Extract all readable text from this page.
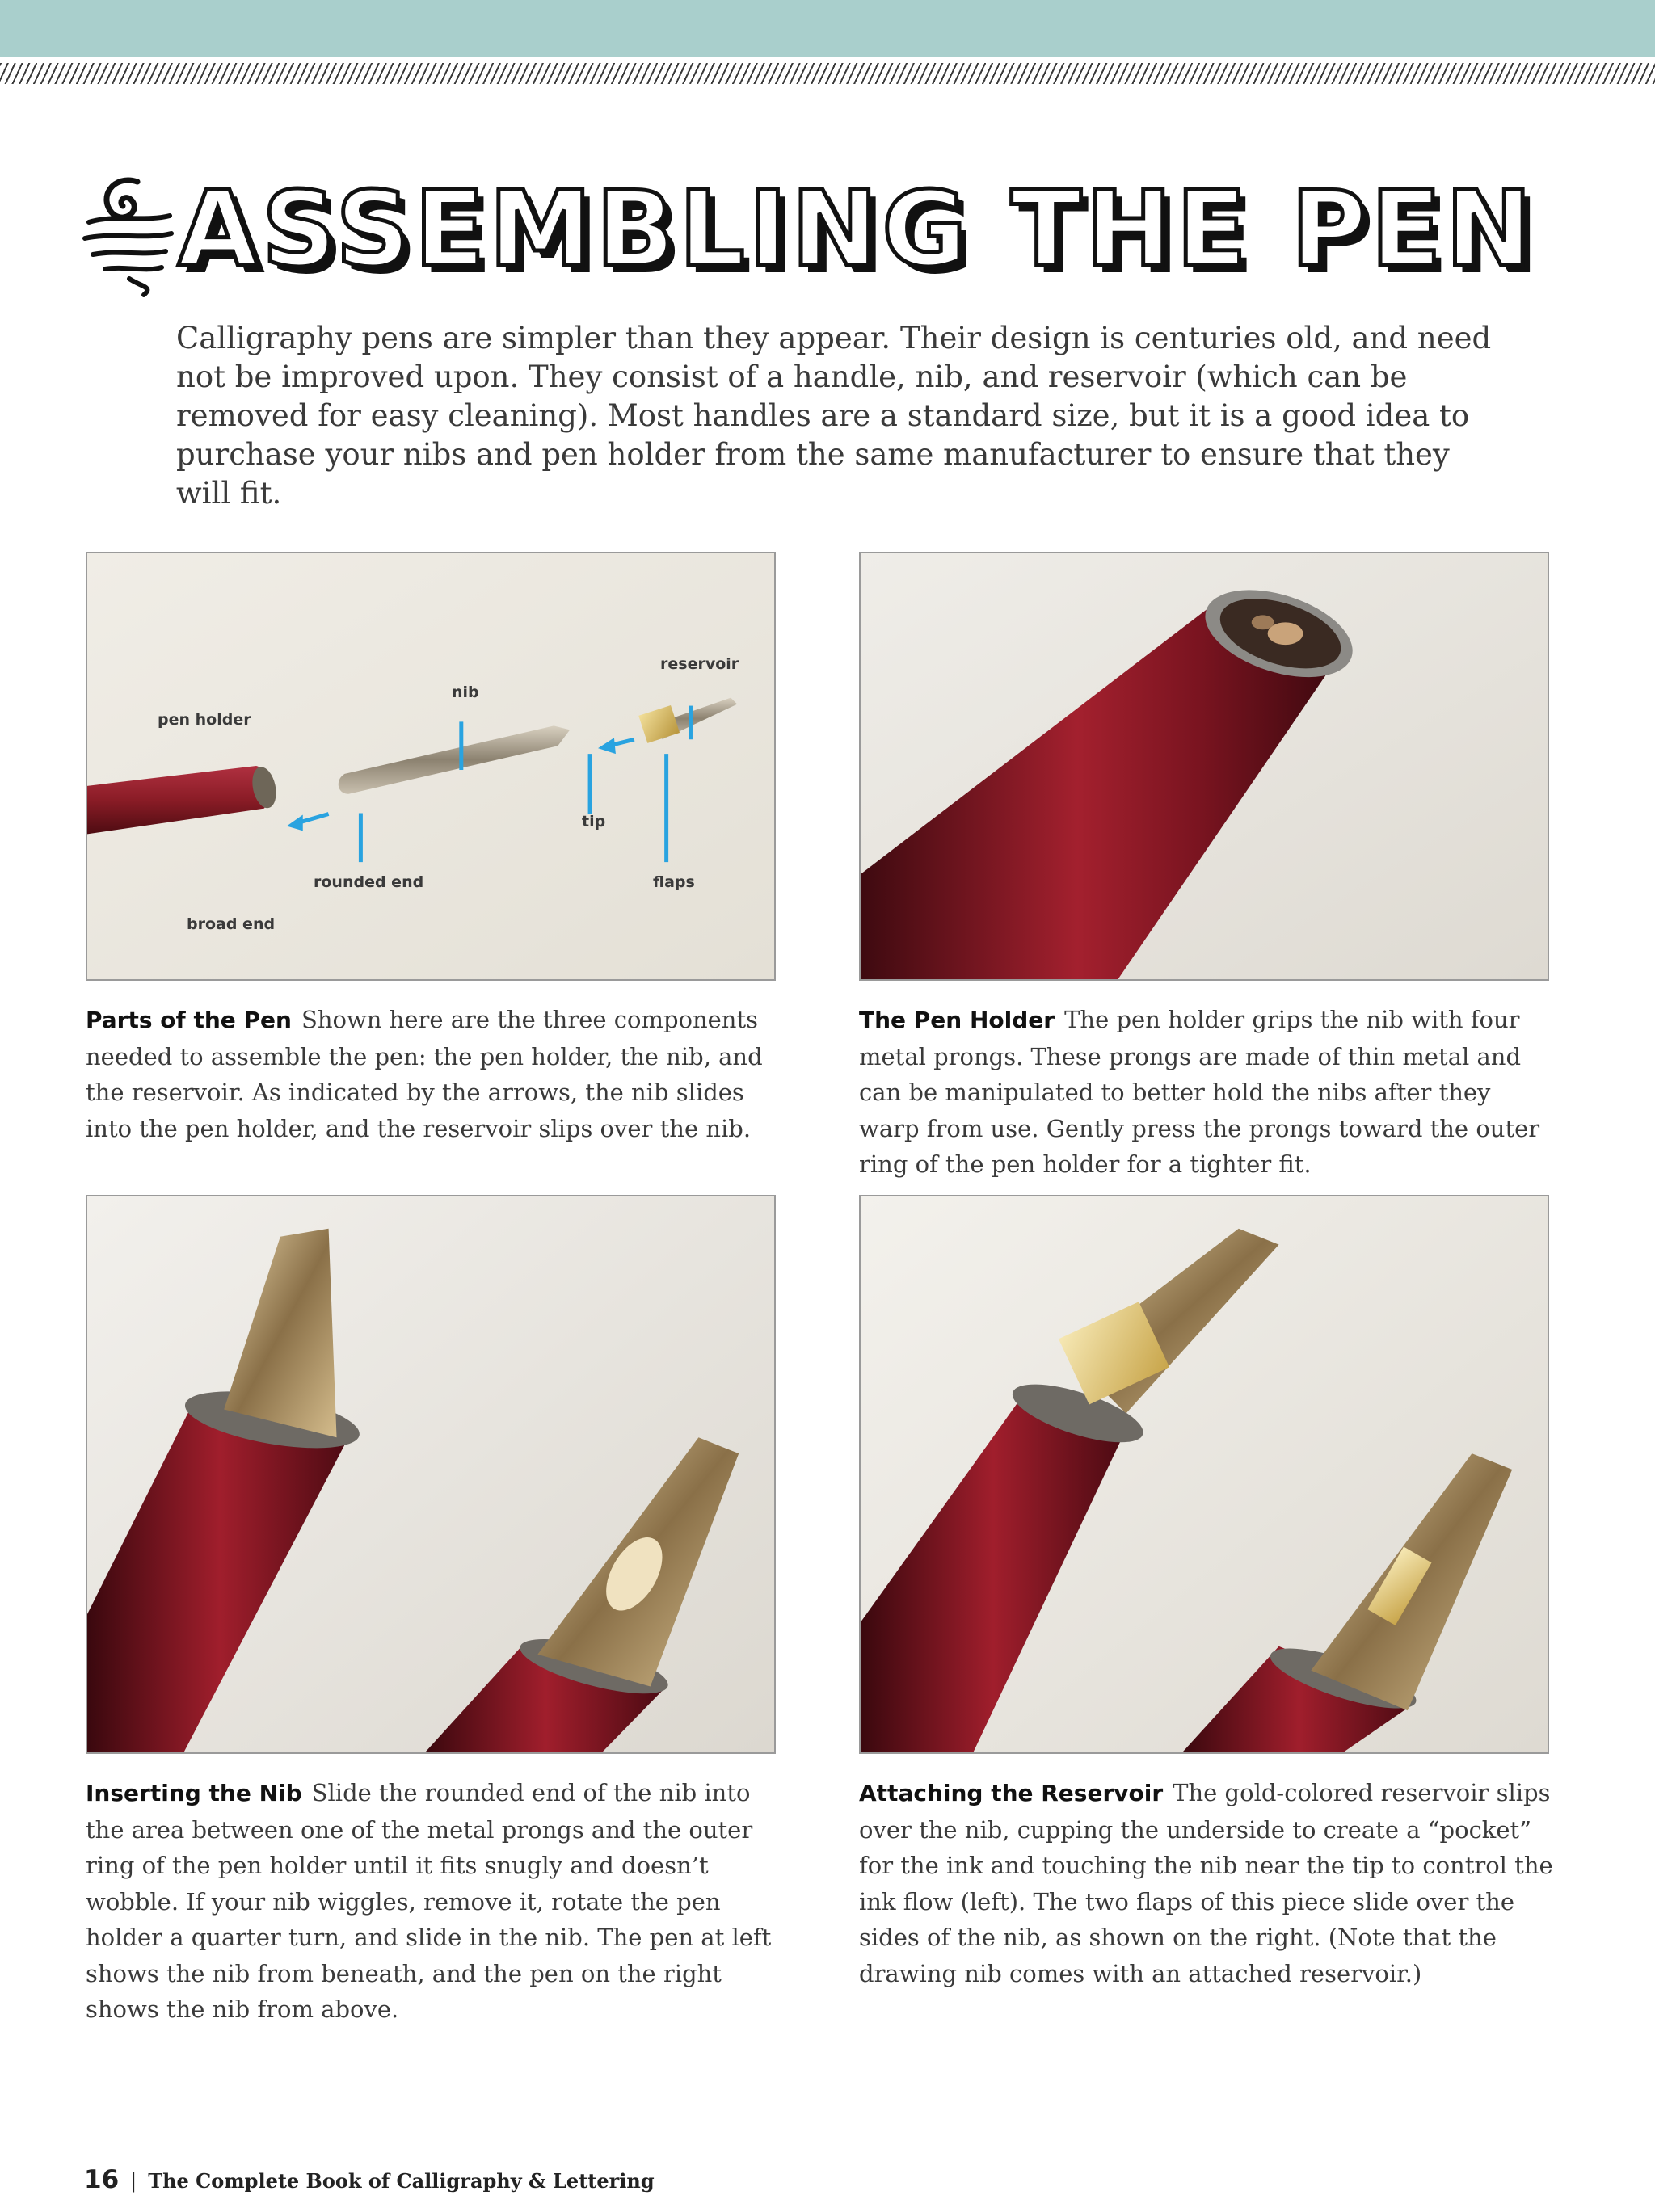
ASSEMBLING THE PEN

Calligraphy pens are simpler than they appear. Their design is centuries old, and need not be improved upon. They consist of a handle, nib, and reservoir (which can be removed for easy cleaning). Most handles are a standard size, but it is a good idea to purchase your nibs and pen holder from the same manufacturer to ensure that they will fit.

reservoir
nib
pen holder
tip
rounded end	flaps
broad end

Parts of the Pen Shown here are the three components needed to assemble the pen: the pen holder, the nib, and the reservoir. As indicated by the arrows, the nib slides into the pen holder, and the reservoir slips over the nib.

The Pen Holder The pen holder grips the nib with four metal prongs. These prongs are made of thin metal and can be manipulated to better hold the nibs after they warp from use. Gently press the prongs toward the outer ring of the pen holder for a tighter fit.

Inserting the Nib Slide the rounded end of the nib into the area between one of the metal prongs and the outer ring of the pen holder until it fits snugly and doesn’t wobble. If your nib wiggles, remove it, rotate the pen holder a quarter turn, and slide in the nib. The pen at left shows the nib from beneath, and the pen on the right shows the nib from above.

Attaching the Reservoir The gold-colored reservoir slips over the nib, cupping the underside to create a “pocket” for the ink and touching the nib near the tip to control the ink flow (left). The two flaps of this piece slide over the sides of the nib, as shown on the right. (Note that the drawing nib comes with an attached reservoir.)

16 | The Complete Book of Calligraphy & Lettering
